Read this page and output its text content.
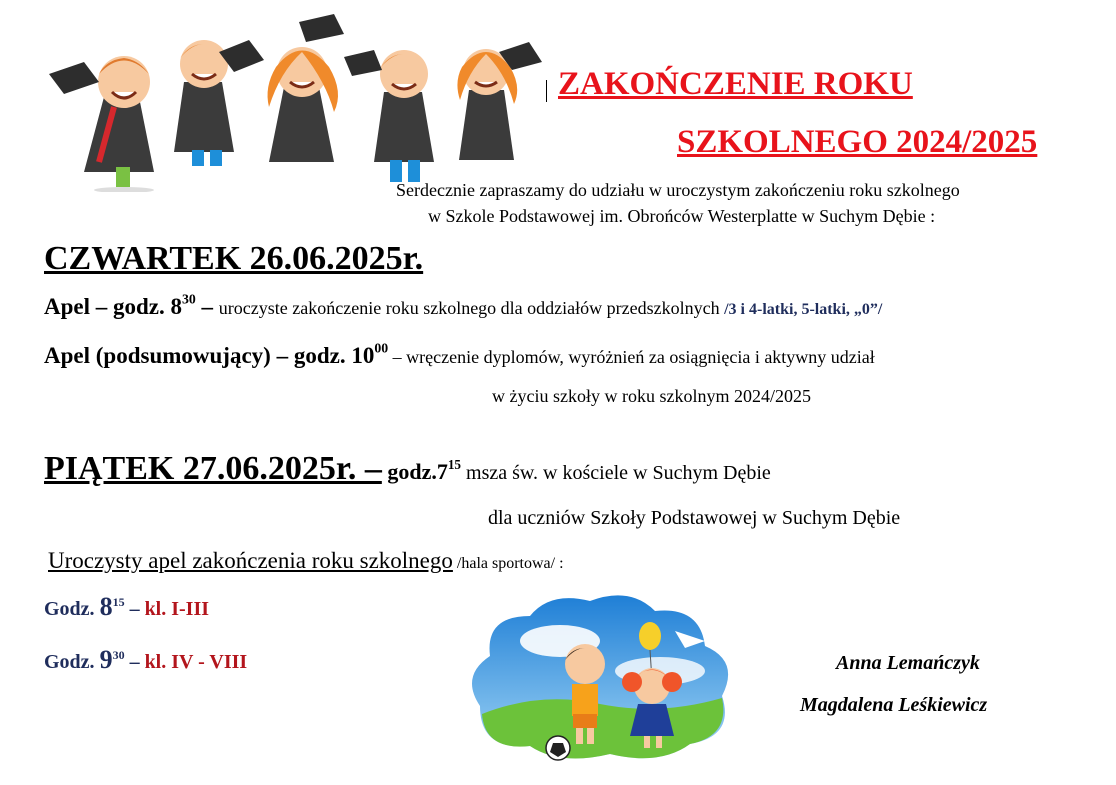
ZAKOŃCZENIE ROKU
SZKOLNEGO 2024/2025
Serdecznie zapraszamy do udziału w uroczystym zakończeniu roku szkolnego
w Szkole Podstawowej im. Obrońców Westerplatte w Suchym Dębie :
CZWARTEK 26.06.2025r.
Apel – godz. $8^{30}$ – uroczyste zakończenie roku szkolnego dla oddziałów przedszkolnych /3 i 4-latki, 5-latki, „0”/
Apel (podsumowujący) – godz. $10^{00}$ – wręczenie dyplomów, wyróżnień za osiągnięcia i aktywny udział
w życiu szkoły w roku szkolnym 2024/2025
PIĄTEK 27.06.2025r. – $godz.7^{15}$ msza św. w kościele w Suchym Dębie
dla uczniów Szkoły Podstawowej w Suchym Dębie
Uroczysty apel zakończenia roku szkolnego /hala sportowa/ :
Godz. $8^{15}$ – kl. I-III
Godz. $9^{30}$ – kl. IV - VIII	Anna Lemańczyk
Magdalena Leśkiewicz
